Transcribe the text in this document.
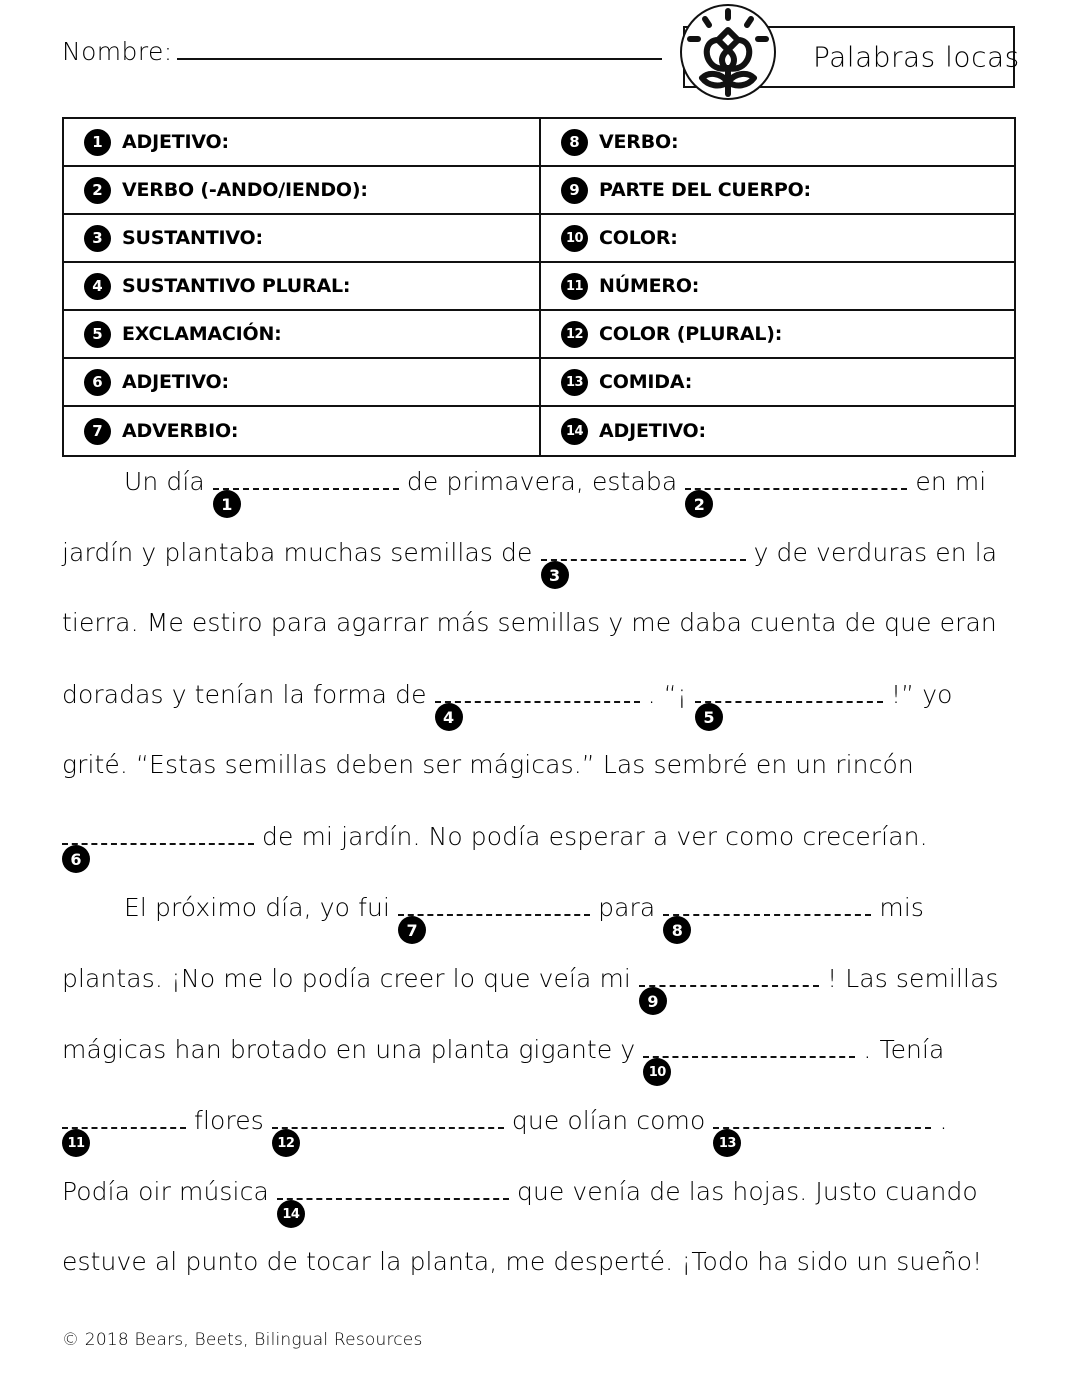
Nombre:	Palabras locas
1	ADJETIVO:	8	VERBO:
2	VERBO (-ANDO/IENDO):	9	PARTE DEL CUERPO:
3	SUSTANTIVO:	10 COLOR:
4	SUSTANTIVO PLURAL:	11 NÚMERO:
5	EXCLAMACIÓN:	12 COLOR (PLURAL):
6	ADJETIVO:	13 COMIDA:
7	ADVERBIO:	14 ADJETIVO:
Un día
1
de primavera, estaba
2
en mi
jardín y plantaba muchas semillas de
3
y de verduras en la
tierra. Me estiro para agarrar más semillas y me daba cuenta de que eran
doradas y tenían la forma de
4
. “¡
5
!” yo
grité. “Estas semillas deben ser mágicas.” Las sembré en un rincón
6
de mi jardín. No podía esperar a ver como crecerían.
El próximo día, yo fui
7
para
8
mis
plantas. ¡No me lo podía creer lo que veía mi
9
! Las semillas
mágicas han brotado en una planta gigante y
10
. Tenía
11
flores
12
que olían como
13
.
Podía oir música
14
que venía de las hojas. Justo cuando
estuve al punto de tocar la planta, me desperté. ¡Todo ha sido un sueño!
© 2018 Bears, Beets, Bilingual Resources
